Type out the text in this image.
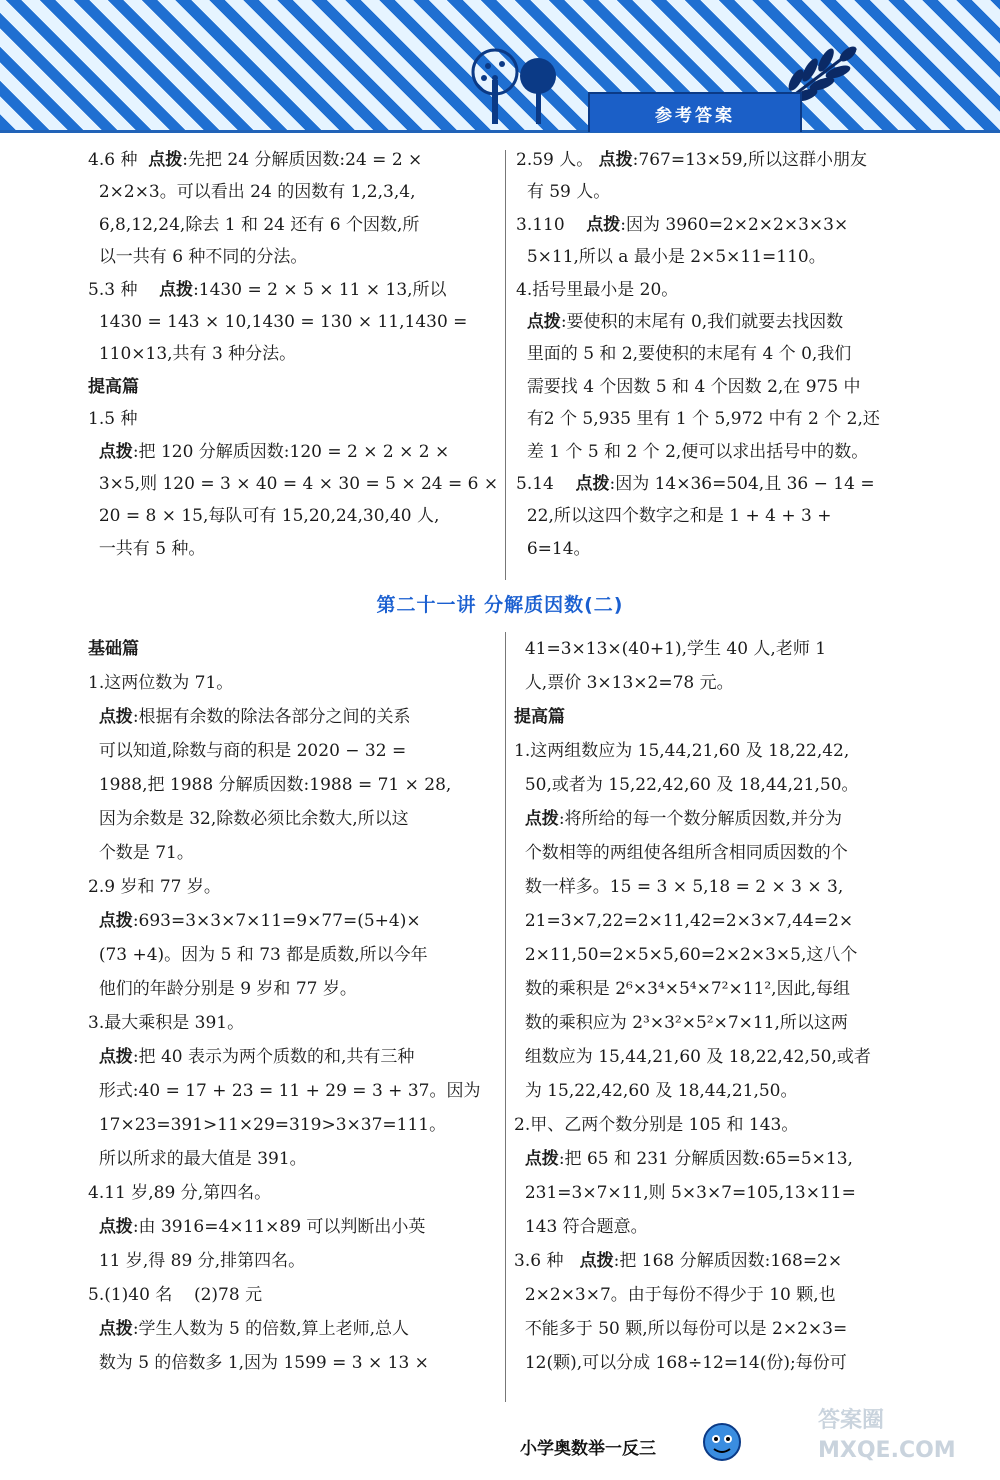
参考答案

4.6 种  点拨:先把 24 分解质因数:24 = 2 ×

2×2×3。可以看出 24 的因数有 1,2,3,4,

6,8,12,24,除去 1 和 24 还有 6 个因数,所

以一共有 6 种不同的分法。

5.3 种    点拨:1430 = 2 × 5 × 11 × 13,所以

1430 = 143 × 10,1430 = 130 × 11,1430 =

110×13,共有 3 种分法。

提高篇

1.5 种

点拨:把 120 分解质因数:120 = 2 × 2 × 2 ×

3×5,则 120 = 3 × 40 = 4 × 30 = 5 × 24 = 6 ×

20 = 8 × 15,每队可有 15,20,24,30,40 人,

一共有 5 种。

2.59 人。 点拨:767=13×59,所以这群小朋友

有 59 人。

3.110    点拨:因为 3960=2×2×2×3×3×

5×11,所以 a 最小是 2×5×11=110。

4.括号里最小是 20。

点拨:要使积的末尾有 0,我们就要去找因数

里面的 5 和 2,要使积的末尾有 4 个 0,我们

需要找 4 个因数 5 和 4 个因数 2,在 975 中

有2 个 5,935 里有 1 个 5,972 中有 2 个 2,还

差 1 个 5 和 2 个 2,便可以求出括号中的数。

5.14    点拨:因为 14×36=504,且 36 − 14 =

22,所以这四个数字之和是 1 + 4 + 3 +

6=14。

第二十一讲 分解质因数(二)

基础篇

1.这两位数为 71。

点拨:根据有余数的除法各部分之间的关系

可以知道,除数与商的积是 2020 − 32 =

1988,把 1988 分解质因数:1988 = 71 × 28,

因为余数是 32,除数必须比余数大,所以这

个数是 71。

2.9 岁和 77 岁。

点拨:693=3×3×7×11=9×77=(5+4)×

(73 +4)。因为 5 和 73 都是质数,所以今年

他们的年龄分别是 9 岁和 77 岁。

3.最大乘积是 391。

点拨:把 40 表示为两个质数的和,共有三种

形式:40 = 17 + 23 = 11 + 29 = 3 + 37。因为

17×23=391>11×29=319>3×37=111。

所以所求的最大值是 391。

4.11 岁,89 分,第四名。

点拨:由 3916=4×11×89 可以判断出小英

11 岁,得 89 分,排第四名。

5.(1)40 名    (2)78 元

点拨:学生人数为 5 的倍数,算上老师,总人

数为 5 的倍数多 1,因为 1599 = 3 × 13 ×

41=3×13×(40+1),学生 40 人,老师 1

人,票价 3×13×2=78 元。

提高篇

1.这两组数应为 15,44,21,60 及 18,22,42,

50,或者为 15,22,42,60 及 18,44,21,50。

点拨:将所给的每一个数分解质因数,并分为

个数相等的两组使各组所含相同质因数的个

数一样多。15 = 3 × 5,18 = 2 × 3 × 3,

21=3×7,22=2×11,42=2×3×7,44=2×

2×11,50=2×5×5,60=2×2×3×5,这八个

数的乘积是 2⁶×3⁴×5⁴×7²×11²,因此,每组

数的乘积应为 2³×3²×5²×7×11,所以这两

组数应为 15,44,21,60 及 18,22,42,50,或者

为 15,22,42,60 及 18,44,21,50。

2.甲、乙两个数分别是 105 和 143。

点拨:把 65 和 231 分解质因数:65=5×13,

231=3×7×11,则 5×3×7=105,13×11=

143 符合题意。

3.6 种   点拨:把 168 分解质因数:168=2×

2×2×3×7。由于每份不得少于 10 颗,也

不能多于 50 颗,所以每份可以是 2×2×3=

12(颗),可以分成 168÷12=14(份);每份可

小学奥数举一反三
答案圈 MXQE.COM
